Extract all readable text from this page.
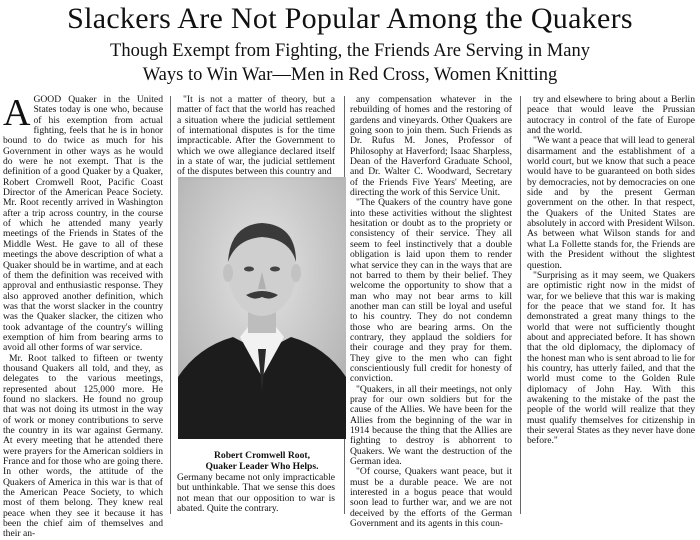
Slackers Are Not Popular Among the Quakers
Though Exempt from Fighting, the Friends Are Serving in Many
Ways to Win War—Men in Red Cross, Women Knitting

AGOOD Quaker in the United States today is one who, because of his exemption from actual fighting, feels that he is in honor bound to do twice as much for his Government in other ways as he would do were he not exempt. That is the definition of a good Quaker by a Quaker, Robert Cromwell Root, Pacific Coast Director of the American Peace Society. Mr. Root recently arrived in Washington after a trip across country, in the course of which he attended many yearly meetings of the Friends in States of the Middle West. He gave to all of these meetings the above description of what a Quaker should be in wartime, and at each of them the definition was received with approval and enthusiastic response. They also approved another definition, which was that the worst slacker in the country was the Quaker slacker, the citizen who took advantage of the country's willing exemption of him from bearing arms to avoid all other forms of war service.

Mr. Root talked to fifteen or twenty thousand Quakers all told, and they, as delegates to the various meetings, represented about 125,000 more. He found no slackers. He found no group that was not doing its utmost in the way of work or money contributions to serve the country in its war against Germany. At every meeting that he attended there were prayers for the American soldiers in France and for those who are going there. In other words, the attitude of the Quakers of America in this war is that of the American Peace Society, to which most of them belong. They knew real peace when they see it because it has been the chief aim of themselves and their an-

"It is not a matter of theory, but a matter of fact that the world has reached a situation where the judicial settlement of international disputes is for the time impracticable. After the Government to which we owe allegiance declared itself in a state of war, the judicial settlement of the disputes between this country and

Robert Cromwell Root,
Quaker Leader Who Helps.

Germany became not only impracticable but unthinkable. That we sense this does not mean that our opposition to war is abated. Quite the contrary.

any compensation whatever in the rebuilding of homes and the restoring of gardens and vineyards. Other Quakers are going soon to join them. Such Friends as Dr. Rufus M. Jones, Professor of Philosophy at Haverford; Isaac Sharpless, Dean of the Haverford Graduate School, and Dr. Walter C. Woodward, Secretary of the Friends Five Years' Meeting, are directing the work of this Service Unit.

"The Quakers of the country have gone into these activities without the slightest hesitation or doubt as to the propriety or consistency of their service. They all seem to feel instinctively that a double obligation is laid upon them to render what service they can in the ways that are not barred to them by their belief. They welcome the opportunity to show that a man who may not bear arms to kill another man can still be loyal and useful to his country. They do not condemn those who are bearing arms. On the contrary, they applaud the soldiers for their courage and they pray for them. They give to the men who can fight conscientiously full credit for honesty of conviction.

"Quakers, in all their meetings, not only pray for our own soldiers but for the cause of the Allies. We have been for the Allies from the beginning of the war in 1914 because the thing that the Allies are fighting to destroy is abhorrent to Quakers. We want the destruction of the German idea.

"Of course, Quakers want peace, but it must be a durable peace. We are not interested in a bogus peace that would soon lead to further war, and we are not deceived by the efforts of the German Government and its agents in this coun-

try and elsewhere to bring about a Berlin peace that would leave the Prussian autocracy in control of the fate of Europe and the world.

"We want a peace that will lead to general disarmament and the establishment of a world court, but we know that such a peace would have to be guaranteed on both sides by democracies, not by democracies on one side and by the present German government on the other. In that respect, the Quakers of the United States are absolutely in accord with President Wilson. As between what Wilson stands for and what La Follette stands for, the Friends are with the President without the slightest question.

"Surprising as it may seem, we Quakers are optimistic right now in the midst of war, for we believe that this war is making for the peace that we stand for. It has demonstrated a great many things to the world that were not sufficiently thought about and appreciated before. It has shown that the old diplomacy, the diplomacy of the honest man who is sent abroad to lie for his country, has utterly failed, and that the world must come to the Golden Rule diplomacy of John Hay. With this awakening to the mistake of the past the people of the world will realize that they must qualify themselves for citizenship in their several States as they never have done before."
